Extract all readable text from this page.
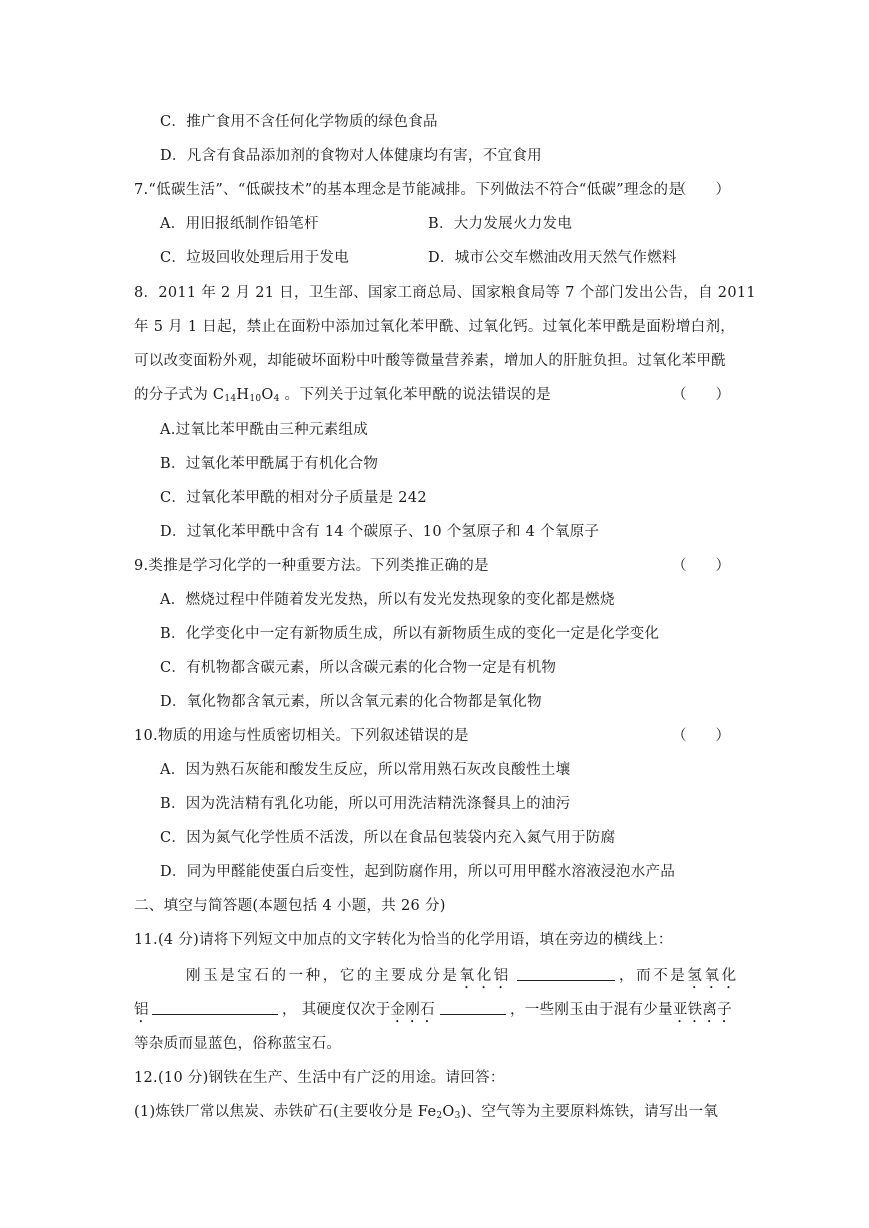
C．推广食用不含任何化学物质的绿色食品
D．凡含有食品添加剂的食物对人体健康均有害，不宜食用
7.“低碳生活”、“低碳技术”的基本理念是节能减排。下列做法不符合“低碳”理念的是
（　　）
A．用旧报纸制作铅笔杆	B．大力发展火力发电
C．垃圾回收处理后用于发电	D．城市公交车燃油改用天然气作燃料
8．2011 年 2 月 21 日，卫生部、国家工商总局、国家粮食局等 7 个部门发出公告，自 2011
年 5 月 1 日起，禁止在面粉中添加过氧化苯甲酰、过氧化钙。过氧化苯甲酰是面粉增白剂，
可以改变面粉外观，却能破坏面粉中叶酸等微量营养素，增加人的肝脏负担。过氧化苯甲酰
的分子式为 $C_{14}H_{10}O_4$ 。下列关于过氧化苯甲酰的说法错误的是	（　　）
A.过氧比苯甲酰由三种元素组成
B．过氧化苯甲酰属于有机化合物
C．过氧化苯甲酰的相对分子质量是 242
D．过氧化苯甲酰中含有 14 个碳原子、10 个氢原子和 4 个氧原子
9.类推是学习化学的一种重要方法。下列类推正确的是	（　　）
A．燃烧过程中伴随着发光发热，所以有发光发热现象的变化都是燃烧
B．化学变化中一定有新物质生成，所以有新物质生成的变化一定是化学变化
C．有机物都含碳元素，所以含碳元素的化合物一定是有机物
D．氧化物都含氧元素，所以含氧元素的化合物都是氧化物
10.物质的用途与性质密切相关。下列叙述错误的是	（　　）
A．因为熟石灰能和酸发生反应，所以常用熟石灰改良酸性土壤
B．因为洗洁精有乳化功能，所以可用洗洁精洗涤餐具上的油污
C．因为氮气化学性质不活泼，所以在食品包装袋内充入氮气用于防腐
D．同为甲醛能使蛋白后变性，起到防腐作用，所以可用甲醛水溶液浸泡水产品
二、填空与简答题(本题包括 4 小题，共 26 分)
11.(4 分)请将下列短文中加点的文字转化为恰当的化学用语，填在旁边的横线上：
刚玉是宝石的一种，它的主要成分是氧化铝	，而不是氢氧化
铝	， 其硬度仅次于金刚石	，一些刚玉由于混有少量亚铁离子
等杂质而显蓝色，俗称蓝宝石。
12.(10 分)钢铁在生产、生活中有广泛的用途。请回答：
(1)炼铁厂常以焦炭、赤铁矿石(主要收分是 $Fe_2O_3$)、空气等为主要原料炼铁，请写出一氧
